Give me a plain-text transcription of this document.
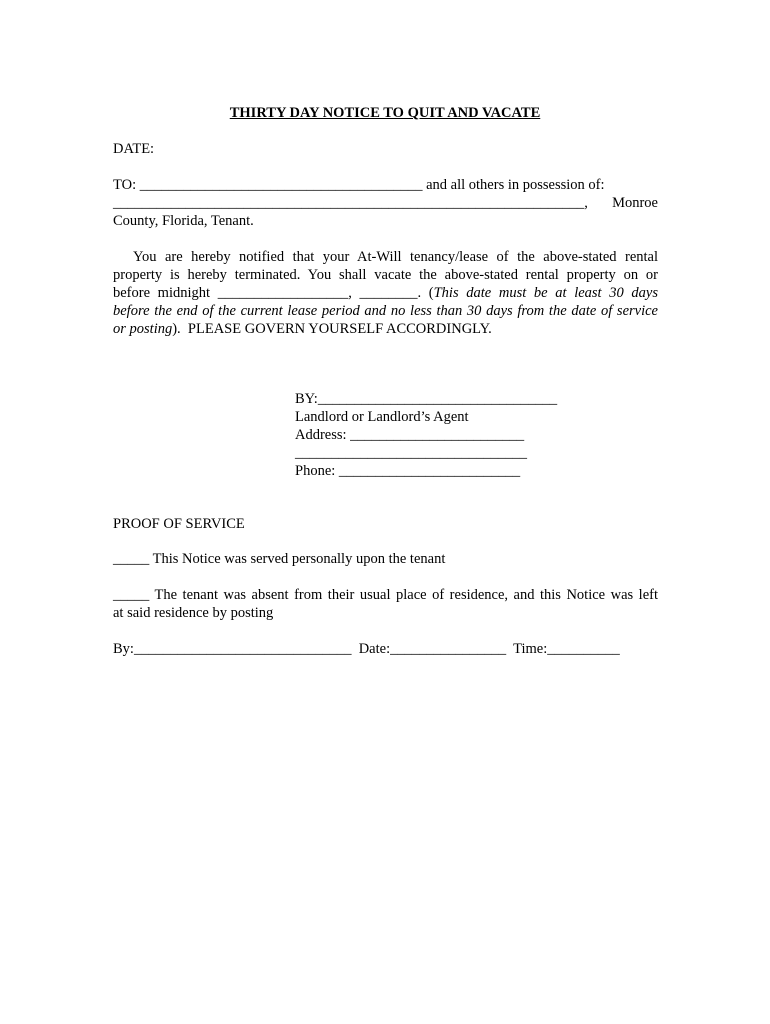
THIRTY DAY NOTICE TO QUIT AND VACATE
DATE:
TO: _______________________________________ and all others in possession of:
_________________________________________________________________, Monroe
County, Florida, Tenant.
You are hereby notified that your At-Will tenancy/lease of the above-stated rental
property is hereby terminated. You shall vacate the above-stated rental property on or
before midnight __________________, ________. (This date must be at least 30 days
before the end of the current lease period and no less than 30 days from the date of service
or posting).  PLEASE GOVERN YOURSELF ACCORDINGLY.
BY:_________________________________
Landlord or Landlord’s Agent
Address: ________________________
________________________________
Phone: _________________________
PROOF OF SERVICE
_____ This Notice was served personally upon the tenant
_____ The tenant was absent from their usual place of residence, and this Notice was left
at said residence by posting
By:______________________________ Date:________________ Time:__________
